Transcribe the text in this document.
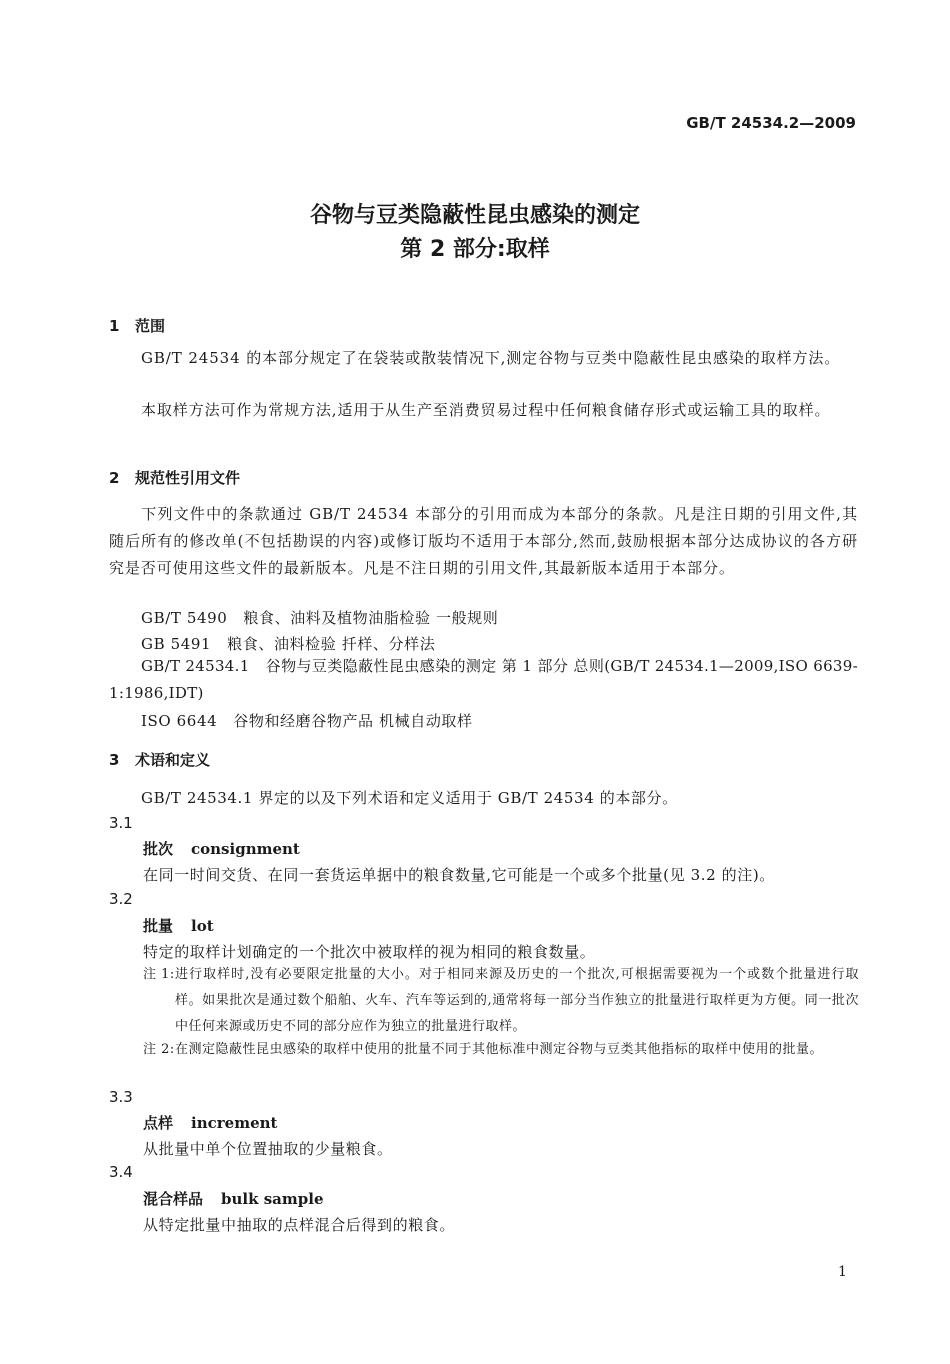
GB/T 24534.2—2009
谷物与豆类隐蔽性昆虫感染的测定
第 2 部分:取样
1 范围
GB/T 24534 的本部分规定了在袋装或散装情况下,测定谷物与豆类中隐蔽性昆虫感染的取样方法。
本取样方法可作为常规方法,适用于从生产至消费贸易过程中任何粮食储存形式或运输工具的取样。
2 规范性引用文件
下列文件中的条款通过 GB/T 24534 本部分的引用而成为本部分的条款。凡是注日期的引用文件,其随后所有的修改单(不包括勘误的内容)或修订版均不适用于本部分,然而,鼓励根据本部分达成协议的各方研究是否可使用这些文件的最新版本。凡是不注日期的引用文件,其最新版本适用于本部分。
GB/T 5490 粮食、油料及植物油脂检验 一般规则
GB 5491 粮食、油料检验 扦样、分样法
GB/T 24534.1 谷物与豆类隐蔽性昆虫感染的测定 第 1 部分 总则(GB/T 24534.1—2009,ISO 6639-1:1986,IDT)
ISO 6644 谷物和经磨谷物产品 机械自动取样
3 术语和定义
GB/T 24534.1 界定的以及下列术语和定义适用于 GB/T 24534 的本部分。
3.1
批次 consignment
在同一时间交货、在同一套货运单据中的粮食数量,它可能是一个或多个批量(见 3.2 的注)。
3.2
批量 lot
特定的取样计划确定的一个批次中被取样的视为相同的粮食数量。
注 1: 进行取样时,没有必要限定批量的大小。对于相同来源及历史的一个批次,可根据需要视为一个或数个批量进行取样。如果批次是通过数个船舶、火车、汽车等运到的,通常将每一部分当作独立的批量进行取样更为方便。同一批次中任何来源或历史不同的部分应作为独立的批量进行取样。
注 2: 在测定隐蔽性昆虫感染的取样中使用的批量不同于其他标准中测定谷物与豆类其他指标的取样中使用的批量。
3.3
点样 increment
从批量中单个位置抽取的少量粮食。
3.4
混合样品 bulk sample
从特定批量中抽取的点样混合后得到的粮食。
1
